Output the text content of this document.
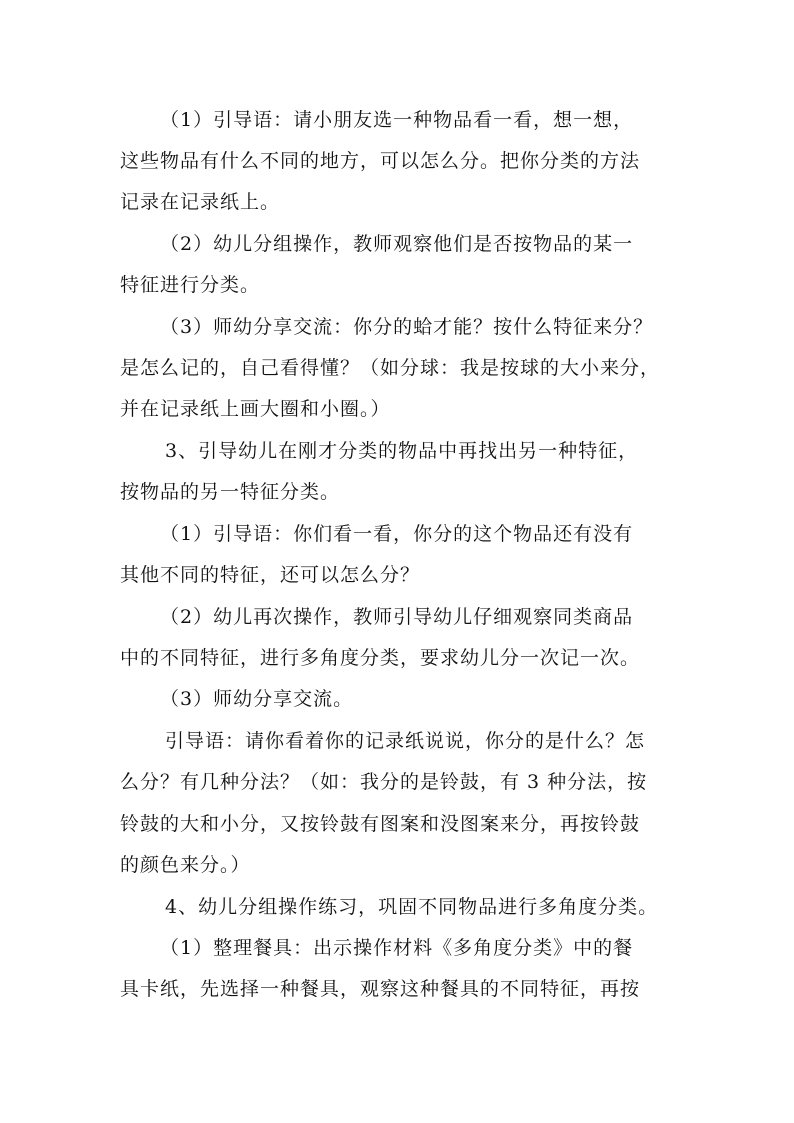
（1）引导语：请小朋友选一种物品看一看，想一想，
这些物品有什么不同的地方，可以怎么分。把你分类的方法
记录在记录纸上。
（2）幼儿分组操作，教师观察他们是否按物品的某一
特征进行分类。
（3）师幼分享交流：你分的蛤才能？按什么特征来分？
是怎么记的，自己看得懂？（如分球：我是按球的大小来分，
并在记录纸上画大圈和小圈。）
3、引导幼儿在刚才分类的物品中再找出另一种特征，
按物品的另一特征分类。
（1）引导语：你们看一看，你分的这个物品还有没有
其他不同的特征，还可以怎么分？
（2）幼儿再次操作，教师引导幼儿仔细观察同类商品
中的不同特征，进行多角度分类，要求幼儿分一次记一次。
（3）师幼分享交流。
引导语：请你看着你的记录纸说说，你分的是什么？怎
么分？有几种分法？（如：我分的是铃鼓，有 3 种分法，按
铃鼓的大和小分，又按铃鼓有图案和没图案来分，再按铃鼓
的颜色来分。）
4、幼儿分组操作练习，巩固不同物品进行多角度分类。
（1）整理餐具：出示操作材料《多角度分类》中的餐
具卡纸，先选择一种餐具，观察这种餐具的不同特征，再按
